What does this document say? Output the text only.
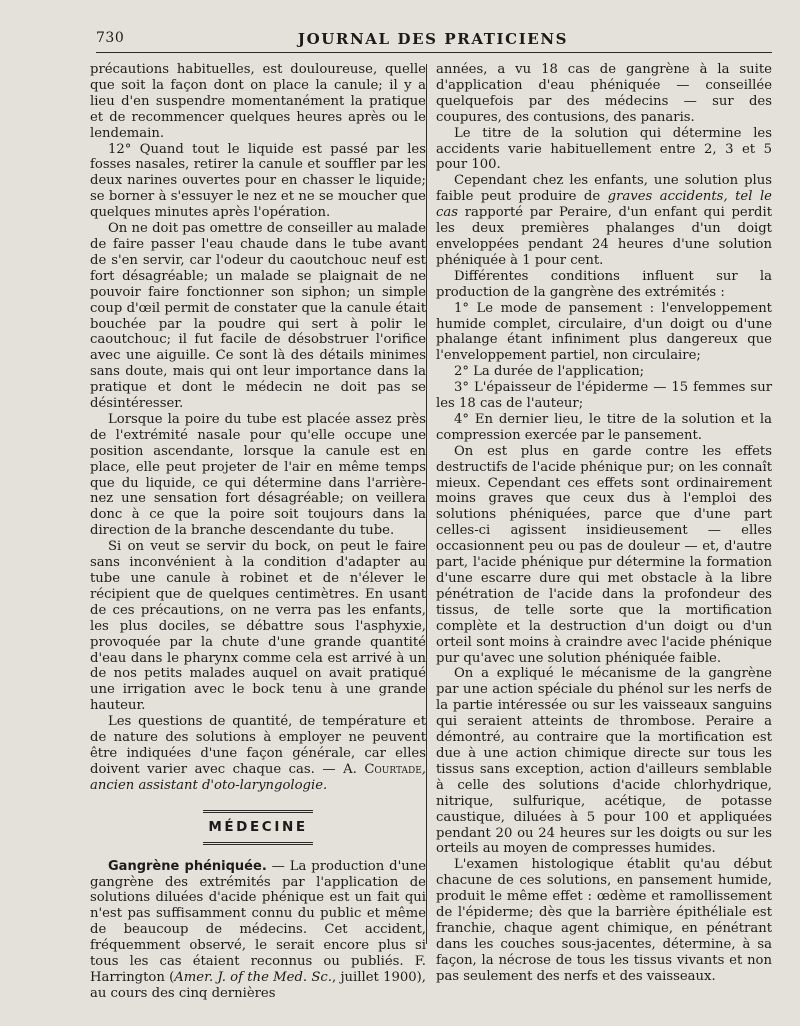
730	JOURNAL DES PRATICIENS

précautions habituelles, est douloureuse, quelle que soit la façon dont on place la canule; il y a lieu d'en suspendre momentanément la pratique et de recommencer quelques heures après ou le lendemain.

12° Quand tout le liquide est passé par les fosses nasales, retirer la canule et souffler par les deux narines ouvertes pour en chasser le liquide; se borner à s'essuyer le nez et ne se moucher que quelques minutes après l'opération.

On ne doit pas omettre de conseiller au malade de faire passer l'eau chaude dans le tube avant de s'en servir, car l'odeur du caoutchouc neuf est fort désagréable; un malade se plaignait de ne pouvoir faire fonctionner son siphon; un simple coup d'œil permit de constater que la canule était bouchée par la poudre qui sert à polir le caoutchouc; il fut facile de désobstruer l'orifice avec une aiguille. Ce sont là des détails minimes sans doute, mais qui ont leur importance dans la pratique et dont le médecin ne doit pas se désintéresser.

Lorsque la poire du tube est placée assez près de l'extrémité nasale pour qu'elle occupe une position ascendante, lorsque la canule est en place, elle peut projeter de l'air en même temps que du liquide, ce qui détermine dans l'arrière-nez une sensation fort désagréable; on veillera donc à ce que la poire soit toujours dans la direction de la branche descendante du tube.

Si on veut se servir du bock, on peut le faire sans inconvénient à la condition d'adapter au tube une canule à robinet et de n'élever le récipient que de quelques centimètres. En usant de ces précautions, on ne verra pas les enfants, les plus dociles, se débattre sous l'asphyxie, provoquée par la chute d'une grande quantité d'eau dans le pharynx comme cela est arrivé à un de nos petits malades auquel on avait pratiqué une irrigation avec le bock tenu à une grande hauteur.

Les questions de quantité, de température et de nature des solutions à employer ne peuvent être indiquées d'une façon générale, car elles doivent varier avec chaque cas. — A. Courtade, ancien assistant d'oto-laryngologie.

MÉDECINE

Gangrène phéniquée. — La production d'une gangrène des extrémités par l'application de solutions diluées d'acide phénique est un fait qui n'est pas suffisamment connu du public et même de beaucoup de médecins. Cet accident, fréquemment observé, le serait encore plus si tous les cas étaient reconnus ou publiés. F. Harrington (Amer. J. of the Med. Sc., juillet 1900), au cours des cinq dernières

années, a vu 18 cas de gangrène à la suite d'application d'eau phéniquée — conseillée quelquefois par des médecins — sur des coupures, des contusions, des panaris.

Le titre de la solution qui détermine les accidents varie habituellement entre 2, 3 et 5 pour 100.

Cependant chez les enfants, une solution plus faible peut produire de graves accidents, tel le cas rapporté par Peraire, d'un enfant qui perdit les deux premières phalanges d'un doigt enveloppées pendant 24 heures d'une solution phéniquée à 1 pour cent.

Différentes conditions influent sur la production de la gangrène des extrémités :

1° Le mode de pansement : l'enveloppement humide complet, circulaire, d'un doigt ou d'une phalange étant infiniment plus dangereux que l'enveloppement partiel, non circulaire;

2° La durée de l'application;

3° L'épaisseur de l'épiderme — 15 femmes sur les 18 cas de l'auteur;

4° En dernier lieu, le titre de la solution et la compression exercée par le pansement.

On est plus en garde contre les effets destructifs de l'acide phénique pur; on les connaît mieux. Cependant ces effets sont ordinairement moins graves que ceux dus à l'emploi des solutions phéniquées, parce que d'une part celles-ci agissent insidieusement — elles occasionnent peu ou pas de douleur — et, d'autre part, l'acide phénique pur détermine la formation d'une escarre dure qui met obstacle à la libre pénétration de l'acide dans la profondeur des tissus, de telle sorte que la mortification complète et la destruction d'un doigt ou d'un orteil sont moins à craindre avec l'acide phénique pur qu'avec une solution phéniquée faible.

On a expliqué le mécanisme de la gangrène par une action spéciale du phénol sur les nerfs de la partie intéressée ou sur les vaisseaux sanguins qui seraient atteints de thrombose. Peraire a démontré, au contraire que la mortification est due à une action chimique directe sur tous les tissus sans exception, action d'ailleurs semblable à celle des solutions d'acide chlorhydrique, nitrique, sulfurique, acétique, de potasse caustique, diluées à 5 pour 100 et appliquées pendant 20 ou 24 heures sur les doigts ou sur les orteils au moyen de compresses humides.

L'examen histologique établit qu'au début chacune de ces solutions, en pansement humide, produit le même effet : œdème et ramollissement de l'épiderme; dès que la barrière épithéliale est franchie, chaque agent chimique, en pénétrant dans les couches sous-jacentes, détermine, à sa façon, la nécrose de tous les tissus vivants et non pas seulement des nerfs et des vaisseaux.
